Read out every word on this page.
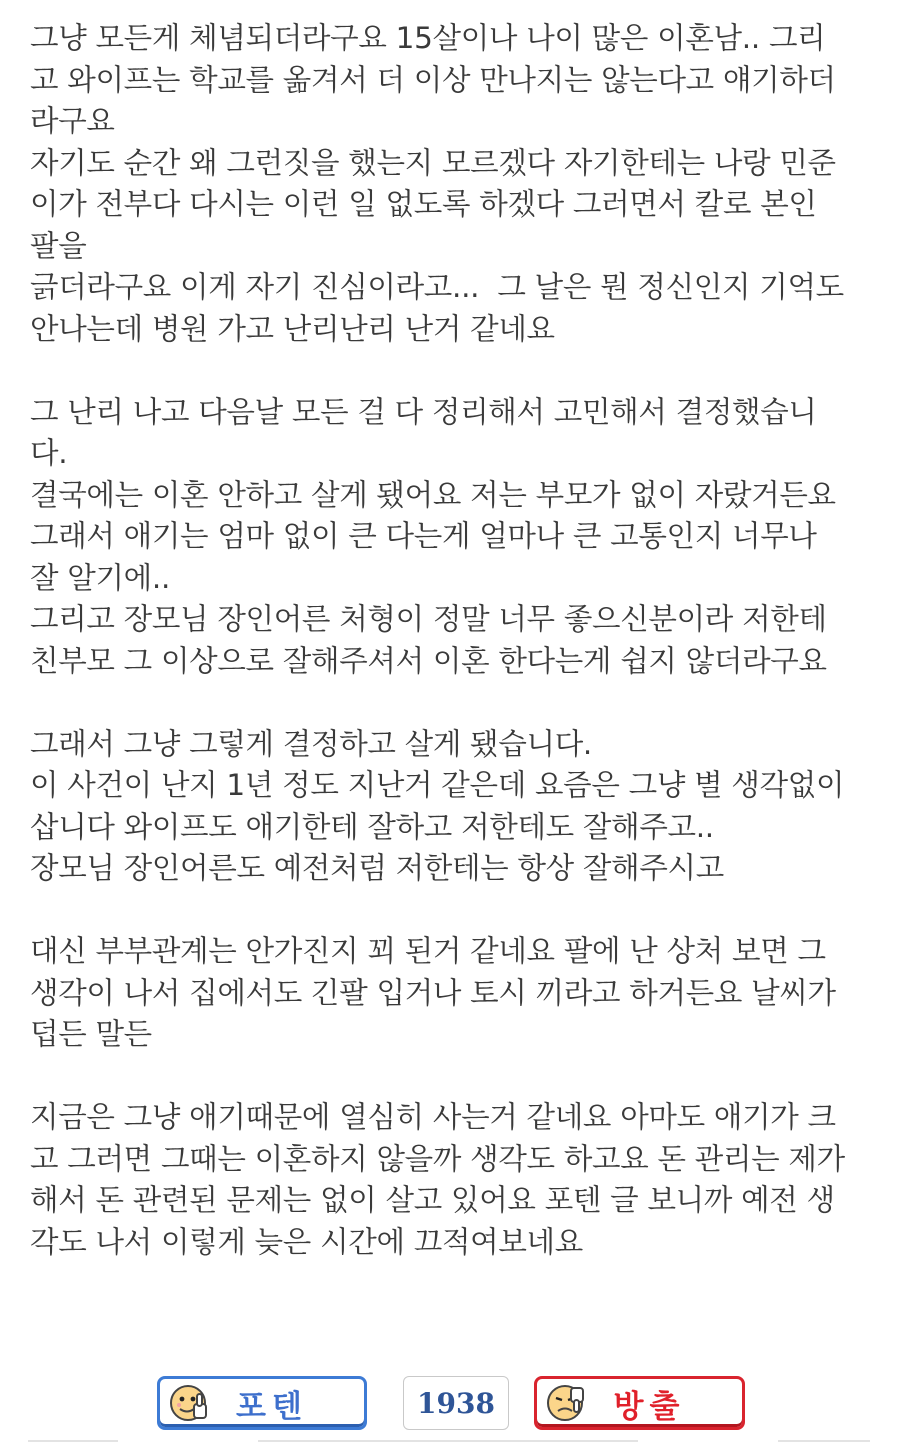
그냥 모든게 체념되더라구요 15살이나 나이 많은 이혼남.. 그리
고 와이프는 학교를 옮겨서 더 이상 만나지는 않는다고 얘기하더
라구요
자기도 순간 왜 그런짓을 했는지 모르겠다 자기한테는 나랑 민준
이가 전부다 다시는 이런 일 없도록 하겠다 그러면서 칼로 본인
팔을
긁더라구요 이게 자기 진심이라고...  그 날은 뭔 정신인지 기억도
안나는데 병원 가고 난리난리 난거 같네요
그 난리 나고 다음날 모든 걸 다 정리해서 고민해서 결정했습니
다.
결국에는 이혼 안하고 살게 됐어요 저는 부모가 없이 자랐거든요
그래서 애기는 엄마 없이 큰 다는게 얼마나 큰 고통인지 너무나
잘 알기에..
그리고 장모님 장인어른 처형이 정말 너무 좋으신분이라 저한테
친부모 그 이상으로 잘해주셔서 이혼 한다는게 쉽지 않더라구요
그래서 그냥 그렇게 결정하고 살게 됐습니다.
이 사건이 난지 1년 정도 지난거 같은데 요즘은 그냥 별 생각없이
삽니다 와이프도 애기한테 잘하고 저한테도 잘해주고..
장모님 장인어른도 예전처럼 저한테는 항상 잘해주시고
대신 부부관계는 안가진지 꾀 된거 같네요 팔에 난 상처 보면 그
생각이 나서 집에서도 긴팔 입거나 토시 끼라고 하거든요 날씨가
덥든 말든
지금은 그냥 애기때문에 열심히 사는거 같네요 아마도 애기가 크
고 그러면 그때는 이혼하지 않을까 생각도 하고요 돈 관리는 제가
해서 돈 관련된 문제는 없이 살고 있어요 포텐 글 보니까 예전 생
각도 나서 이렇게 늦은 시간에 끄적여보네요
포텐	1938	방출
